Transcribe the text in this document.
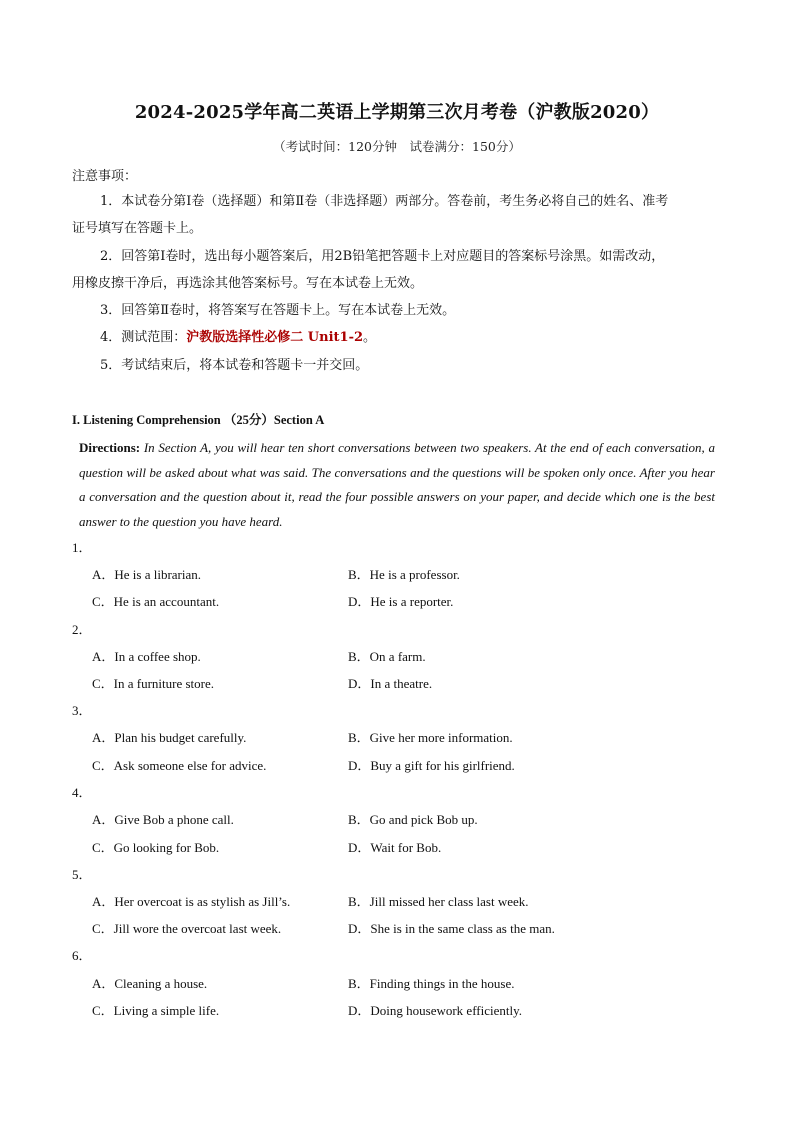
2024-2025学年高二英语上学期第三次月考卷（沪教版2020）
（考试时间：120分钟　试卷满分：150分）
注意事项：
1．本试卷分第Ⅰ卷（选择题）和第Ⅱ卷（非选择题）两部分。答卷前，考生务必将自己的姓名、准考
证号填写在答题卡上。
2．回答第Ⅰ卷时，选出每小题答案后，用2B铅笔把答题卡上对应题目的答案标号涂黑。如需改动，
用橡皮擦干净后，再选涂其他答案标号。写在本试卷上无效。
3．回答第Ⅱ卷时，将答案写在答题卡上。写在本试卷上无效。
4．测试范围：沪教版选择性必修二 Unit1-2。
5．考试结束后，将本试卷和答题卡一并交回。
I. Listening Comprehension （25分）Section A
Directions: In Section A, you will hear ten short conversations between two speakers. At the end of each conversation, a question will be asked about what was said. The conversations and the questions will be spoken only once. After you hear a conversation and the question about it, read the four possible answers on your paper, and decide which one is the best answer to the question you have heard.
1．
A．He is a librarian.	B．He is a professor.
C．He is an accountant.	D．He is a reporter.
2．
A．In a coffee shop.	B．On a farm.
C．In a furniture store.	D．In a theatre.
3．
A．Plan his budget carefully.	B．Give her more information.
C．Ask someone else for advice.	D．Buy a gift for his girlfriend.
4．
A．Give Bob a phone call.	B．Go and pick Bob up.
C．Go looking for Bob.	D．Wait for Bob.
5．
A．Her overcoat is as stylish as Jill’s.	B．Jill missed her class last week.
C．Jill wore the overcoat last week.	D．She is in the same class as the man.
6．
A．Cleaning a house.	B．Finding things in the house.
C．Living a simple life.	D．Doing housework efficiently.
